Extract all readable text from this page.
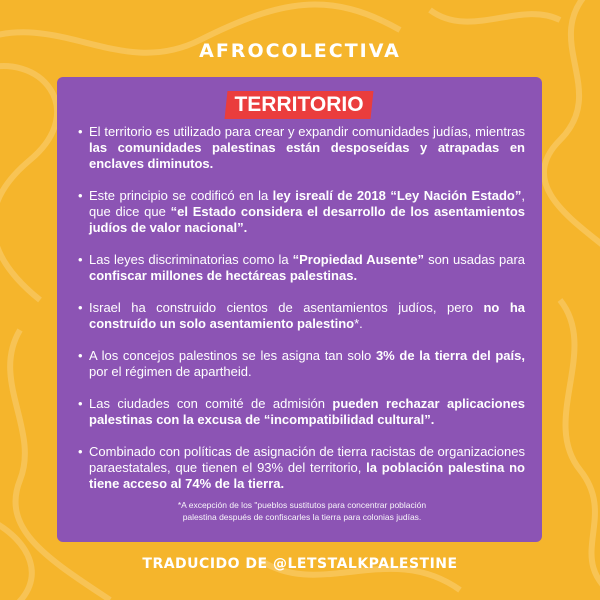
AFROCOLECTIVA
TERRITORIO
• El territorio es utilizado para crear y expandir comunidades judías, mientras las comunidades palestinas están desposeídas y atrapadas en enclaves diminutos.
• Este principio se codificó en la ley isrealí de 2018 “Ley Nación Estado”, que dice que “el Estado considera el desarrollo de los asentamientos judíos de valor nacional”.
• Las leyes discriminatorias como la “Propiedad Ausente” son usadas para confiscar millones de hectáreas palestinas.
• Israel ha construido cientos de asentamientos judíos, pero no ha construído un solo asentamiento palestino*.
• A los concejos palestinos se les asigna tan solo 3% de la tierra del país, por el régimen de apartheid.
• Las ciudades con comité de admisión pueden rechazar aplicaciones palestinas con la excusa de “incompatibilidad cultural”.
• Combinado con políticas de asignación de tierra racistas de organizaciones paraestatales, que tienen el 93% del territorio, la población palestina no tiene acceso al 74% de la tierra.
*A excepción de los "pueblos sustitutos para concentrar población
palestina después de confiscarles la tierra para colonias judías.
TRADUCIDO DE @LETSTALKPALESTINE
